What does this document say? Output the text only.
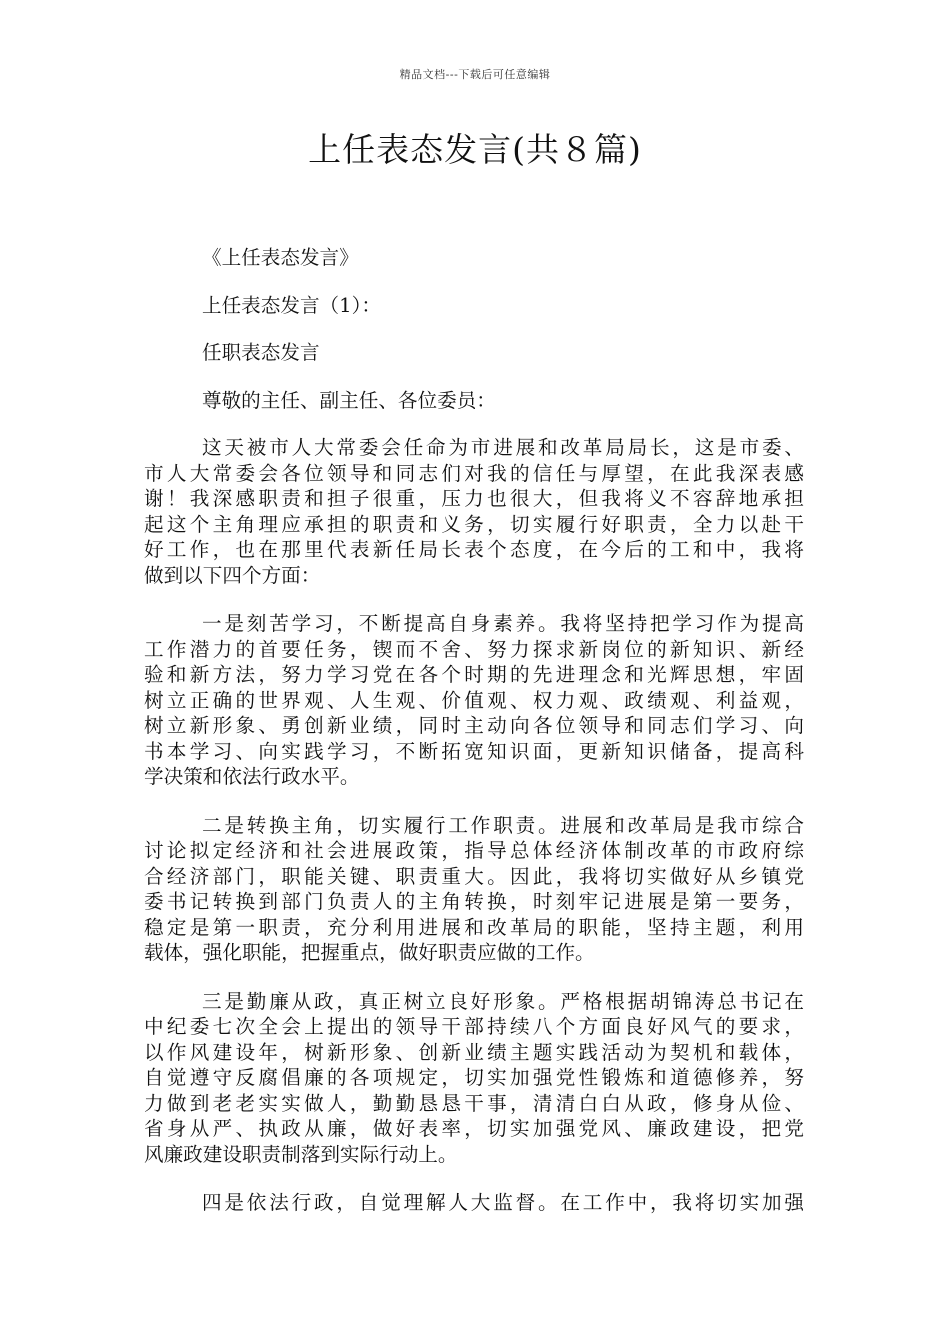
精品文档---下载后可任意编辑
上任表态发言(共８篇)
《上任表态发言》
上任表态发言（1）：
任职表态发言
尊敬的主任、副主任、各位委员：
这天被市人大常委会任命为市进展和改革局局长，这是市委、
市人大常委会各位领导和同志们对我的信任与厚望，在此我深表感
谢！我深感职责和担子很重，压力也很大，但我将义不容辞地承担
起这个主角理应承担的职责和义务，切实履行好职责，全力以赴干
好工作，也在那里代表新任局长表个态度，在今后的工和中，我将
做到以下四个方面：
一是刻苦学习，不断提高自身素养。我将坚持把学习作为提高
工作潜力的首要任务，锲而不舍、努力探求新岗位的新知识、新经
验和新方法，努力学习党在各个时期的先进理念和光辉思想，牢固
树立正确的世界观、人生观、价值观、权力观、政绩观、利益观，
树立新形象、勇创新业绩，同时主动向各位领导和同志们学习、向
书本学习、向实践学习，不断拓宽知识面，更新知识储备，提高科
学决策和依法行政水平。
二是转换主角，切实履行工作职责。进展和改革局是我市综合
讨论拟定经济和社会进展政策，指导总体经济体制改革的市政府综
合经济部门，职能关键、职责重大。因此，我将切实做好从乡镇党
委书记转换到部门负责人的主角转换，时刻牢记进展是第一要务，
稳定是第一职责，充分利用进展和改革局的职能，坚持主题，利用
载体，强化职能，把握重点，做好职责应做的工作。
三是勤廉从政，真正树立良好形象。严格根据胡锦涛总书记在
中纪委七次全会上提出的领导干部持续八个方面良好风气的要求，
以作风建设年，树新形象、创新业绩主题实践活动为契机和载体，
自觉遵守反腐倡廉的各项规定，切实加强党性锻炼和道德修养，努
力做到老老实实做人，勤勤恳恳干事，清清白白从政，修身从俭、
省身从严、执政从廉，做好表率，切实加强党风、廉政建设，把党
风廉政建设职责制落到实际行动上。
四是依法行政，自觉理解人大监督。在工作中，我将切实加强
